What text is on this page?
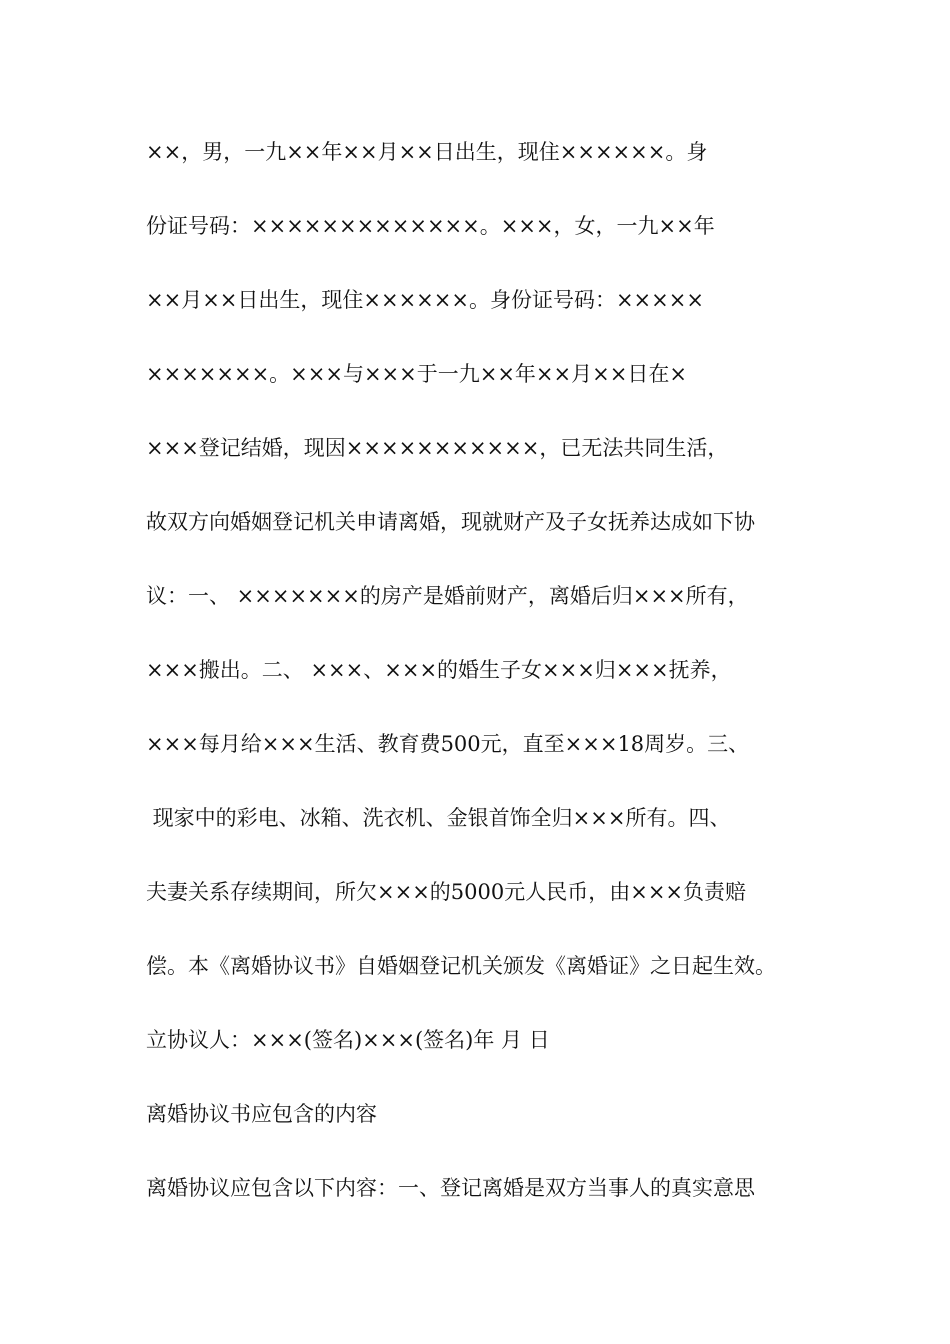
××，男，一九××年××月××日出生，现住××××××。身
份证号码：×××××××××××××。×××，女，一九××年
××月××日出生，现住××××××。身份证号码：×××××
×××××××。×××与×××于一九××年××月××日在×
×××登记结婚，现因×××××××××××，已无法共同生活，
故双方向婚姻登记机关申请离婚，现就财产及子女抚养达成如下协
议：一、 ×××××××的房产是婚前财产，离婚后归×××所有，
×××搬出。二、 ×××、×××的婚生子女×××归×××抚养，
×××每月给×××生活、教育费500元，直至×××18周岁。三、
现家中的彩电、冰箱、洗衣机、金银首饰全归×××所有。四、
夫妻关系存续期间，所欠×××的5000元人民币，由×××负责赔
偿。本《离婚协议书》自婚姻登记机关颁发《离婚证》之日起生效。
立协议人：×××(签名)×××(签名)年 月 日
离婚协议书应包含的内容
离婚协议应包含以下内容：一、登记离婚是双方当事人的真实意思
